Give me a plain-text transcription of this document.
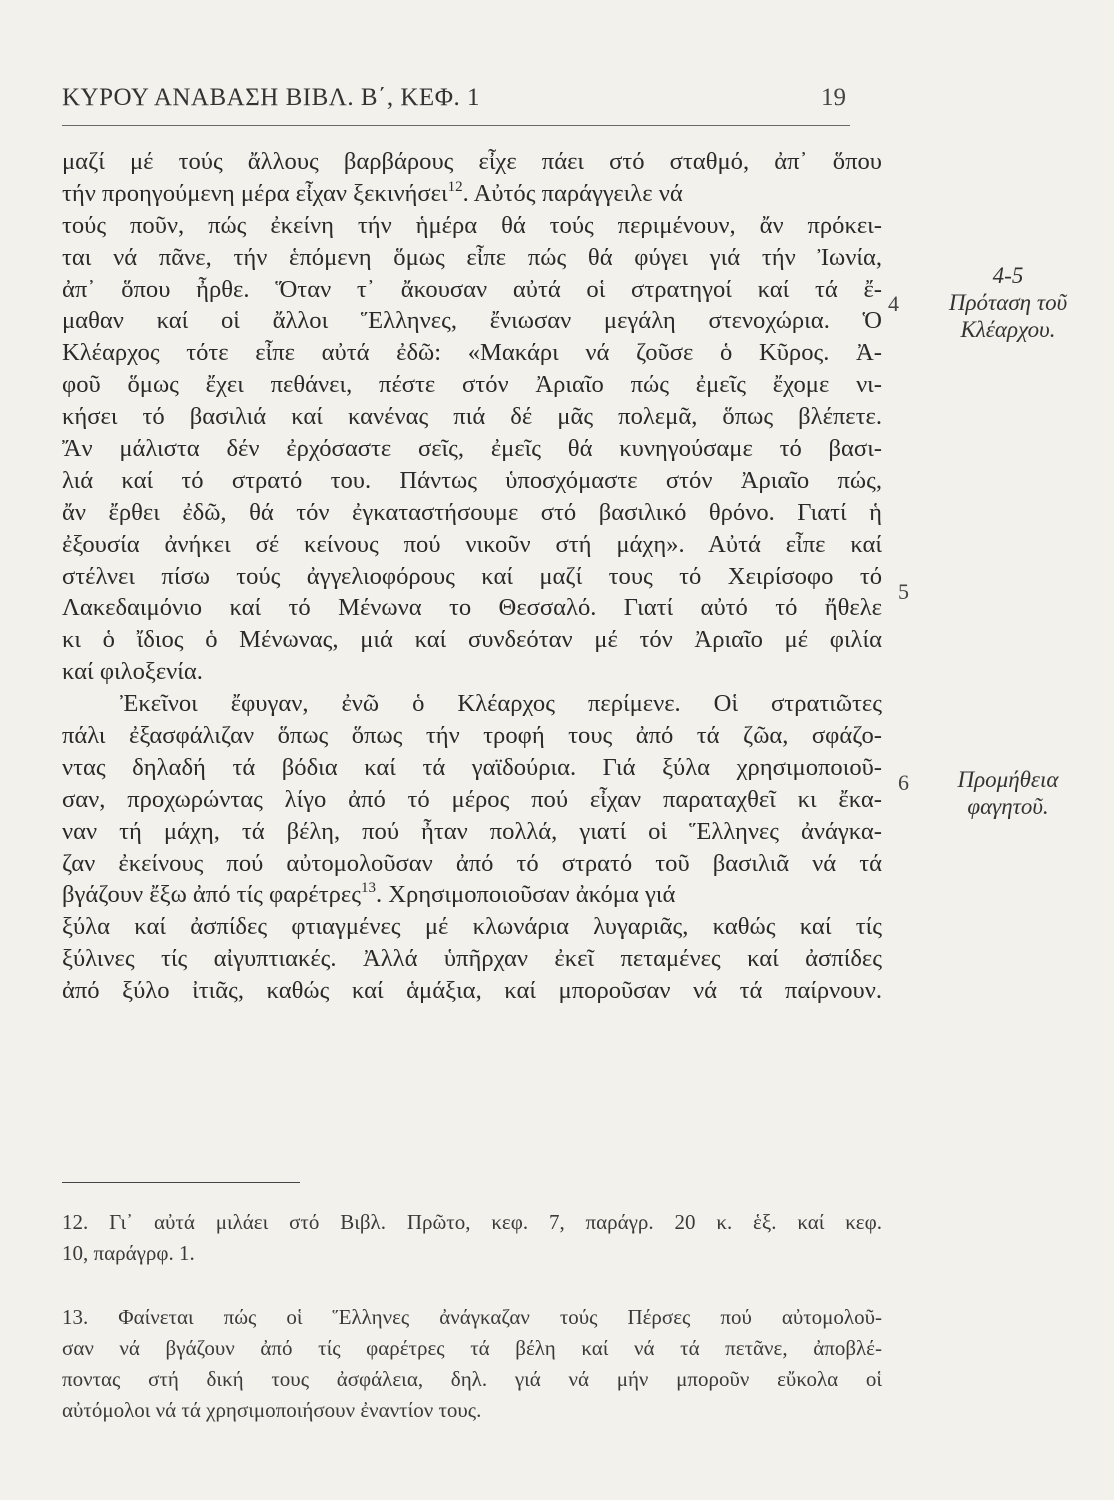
ΚΥΡΟΥ ΑΝΑΒΑΣΗ ΒΙΒΛ. Β΄, ΚΕΦ. 1	19
μαζί μέ τούς ἄλλους βαρβάρους εἶχε πάει στό σταθμό, ἀπ᾽ ὅπου
τήν προηγούμενη μέρα εἶχαν ξεκινήσει$^{12}$. Αὐτός παράγγειλε νά
τούς ποῦν, πώς ἐκείνη τήν ἡμέρα θά τούς περιμένουν, ἄν πρόκει-
ται νά πᾶνε, τήν ἑπόμενη ὅμως εἶπε πώς θά φύγει γιά τήν Ἰωνία,
ἀπ᾽ ὅπου ἦρθε. Ὅταν τ᾽ ἄκουσαν αὐτά οἱ στρατηγοί καί τά ἔ-
μαθαν καί οἱ ἄλλοι Ἕλληνες, ἔνιωσαν μεγάλη στενοχώρια. Ὁ
Κλέαρχος τότε εἶπε αὐτά ἐδῶ: «Μακάρι νά ζοῦσε ὁ Κῦρος. Ἀ-
φοῦ ὅμως ἔχει πεθάνει, πέστε στόν Ἀριαῖο πώς ἐμεῖς ἔχομε νι-
κήσει τό βασιλιά καί κανένας πιά δέ μᾶς πολεμᾶ, ὅπως βλέπετε.
Ἄν μάλιστα δέν ἐρχόσαστε σεῖς, ἐμεῖς θά κυνηγούσαμε τό βασι-
λιά καί τό στρατό του. Πάντως ὑποσχόμαστε στόν Ἀριαῖο πώς,
ἄν ἔρθει ἐδῶ, θά τόν ἐγκαταστήσουμε στό βασιλικό θρόνο. Γιατί ἡ
ἐξουσία ἀνήκει σέ κείνους πού νικοῦν στή μάχη». Αὐτά εἶπε καί
στέλνει πίσω τούς ἀγγελιοφόρους καί μαζί τους τό Χειρίσοφο τό
Λακεδαιμόνιο καί τό Μένωνα το Θεσσαλό. Γιατί αὐτό τό ἤθελε
κι ὁ ἴδιος ὁ Μένωνας, μιά καί συνδεόταν μέ τόν Ἀριαῖο μέ φιλία
καί φιλοξενία.
Ἐκεῖνοι ἔφυγαν, ἐνῶ ὁ Κλέαρχος περίμενε. Οἱ στρατιῶτες
πάλι ἐξασφάλιζαν ὅπως ὅπως τήν τροφή τους ἀπό τά ζῶα, σφάζο-
ντας δηλαδή τά βόδια καί τά γαϊδούρια. Γιά ξύλα χρησιμοποιοῦ-
σαν, προχωρώντας λίγο ἀπό τό μέρος πού εἶχαν παραταχθεῖ κι ἔκα-
ναν τή μάχη, τά βέλη, πού ἦταν πολλά, γιατί οἱ Ἕλληνες ἀνάγκα-
ζαν ἐκείνους πού αὐτομολοῦσαν ἀπό τό στρατό τοῦ βασιλιᾶ νά τά
βγάζουν ἔξω ἀπό τίς φαρέτρες$^{13}$. Χρησιμοποιοῦσαν ἀκόμα γιά
ξύλα καί ἀσπίδες φτιαγμένες μέ κλωνάρια λυγαριᾶς, καθώς καί τίς
ξύλινες τίς αἰγυπτιακές. Ἀλλά ὑπῆρχαν ἐκεῖ πεταμένες καί ἀσπίδες
ἀπό ξύλο ἰτιᾶς, καθώς καί ἁμάξια, καί μποροῦσαν νά τά παίρνουν.
4
5
6
4-5
Πρόταση τοῦ
Κλέαρχου.
Προμήθεια
φαγητοῦ.
12. Γι᾽ αὐτά μιλάει στό Βιβλ. Πρῶτο, κεφ. 7, παράγρ. 20 κ. ἑξ. καί κεφ.
10, παράγρφ. 1.
13. Φαίνεται πώς οἱ Ἕλληνες ἀνάγκαζαν τούς Πέρσες πού αὐτομολοῦ-
σαν νά βγάζουν ἀπό τίς φαρέτρες τά βέλη καί νά τά πετᾶνε, ἀποβλέ-
ποντας στή δική τους ἀσφάλεια, δηλ. γιά νά μήν μποροῦν εὔκολα οἱ
αὐτόμολοι νά τά χρησιμοποιήσουν ἐναντίον τους.
